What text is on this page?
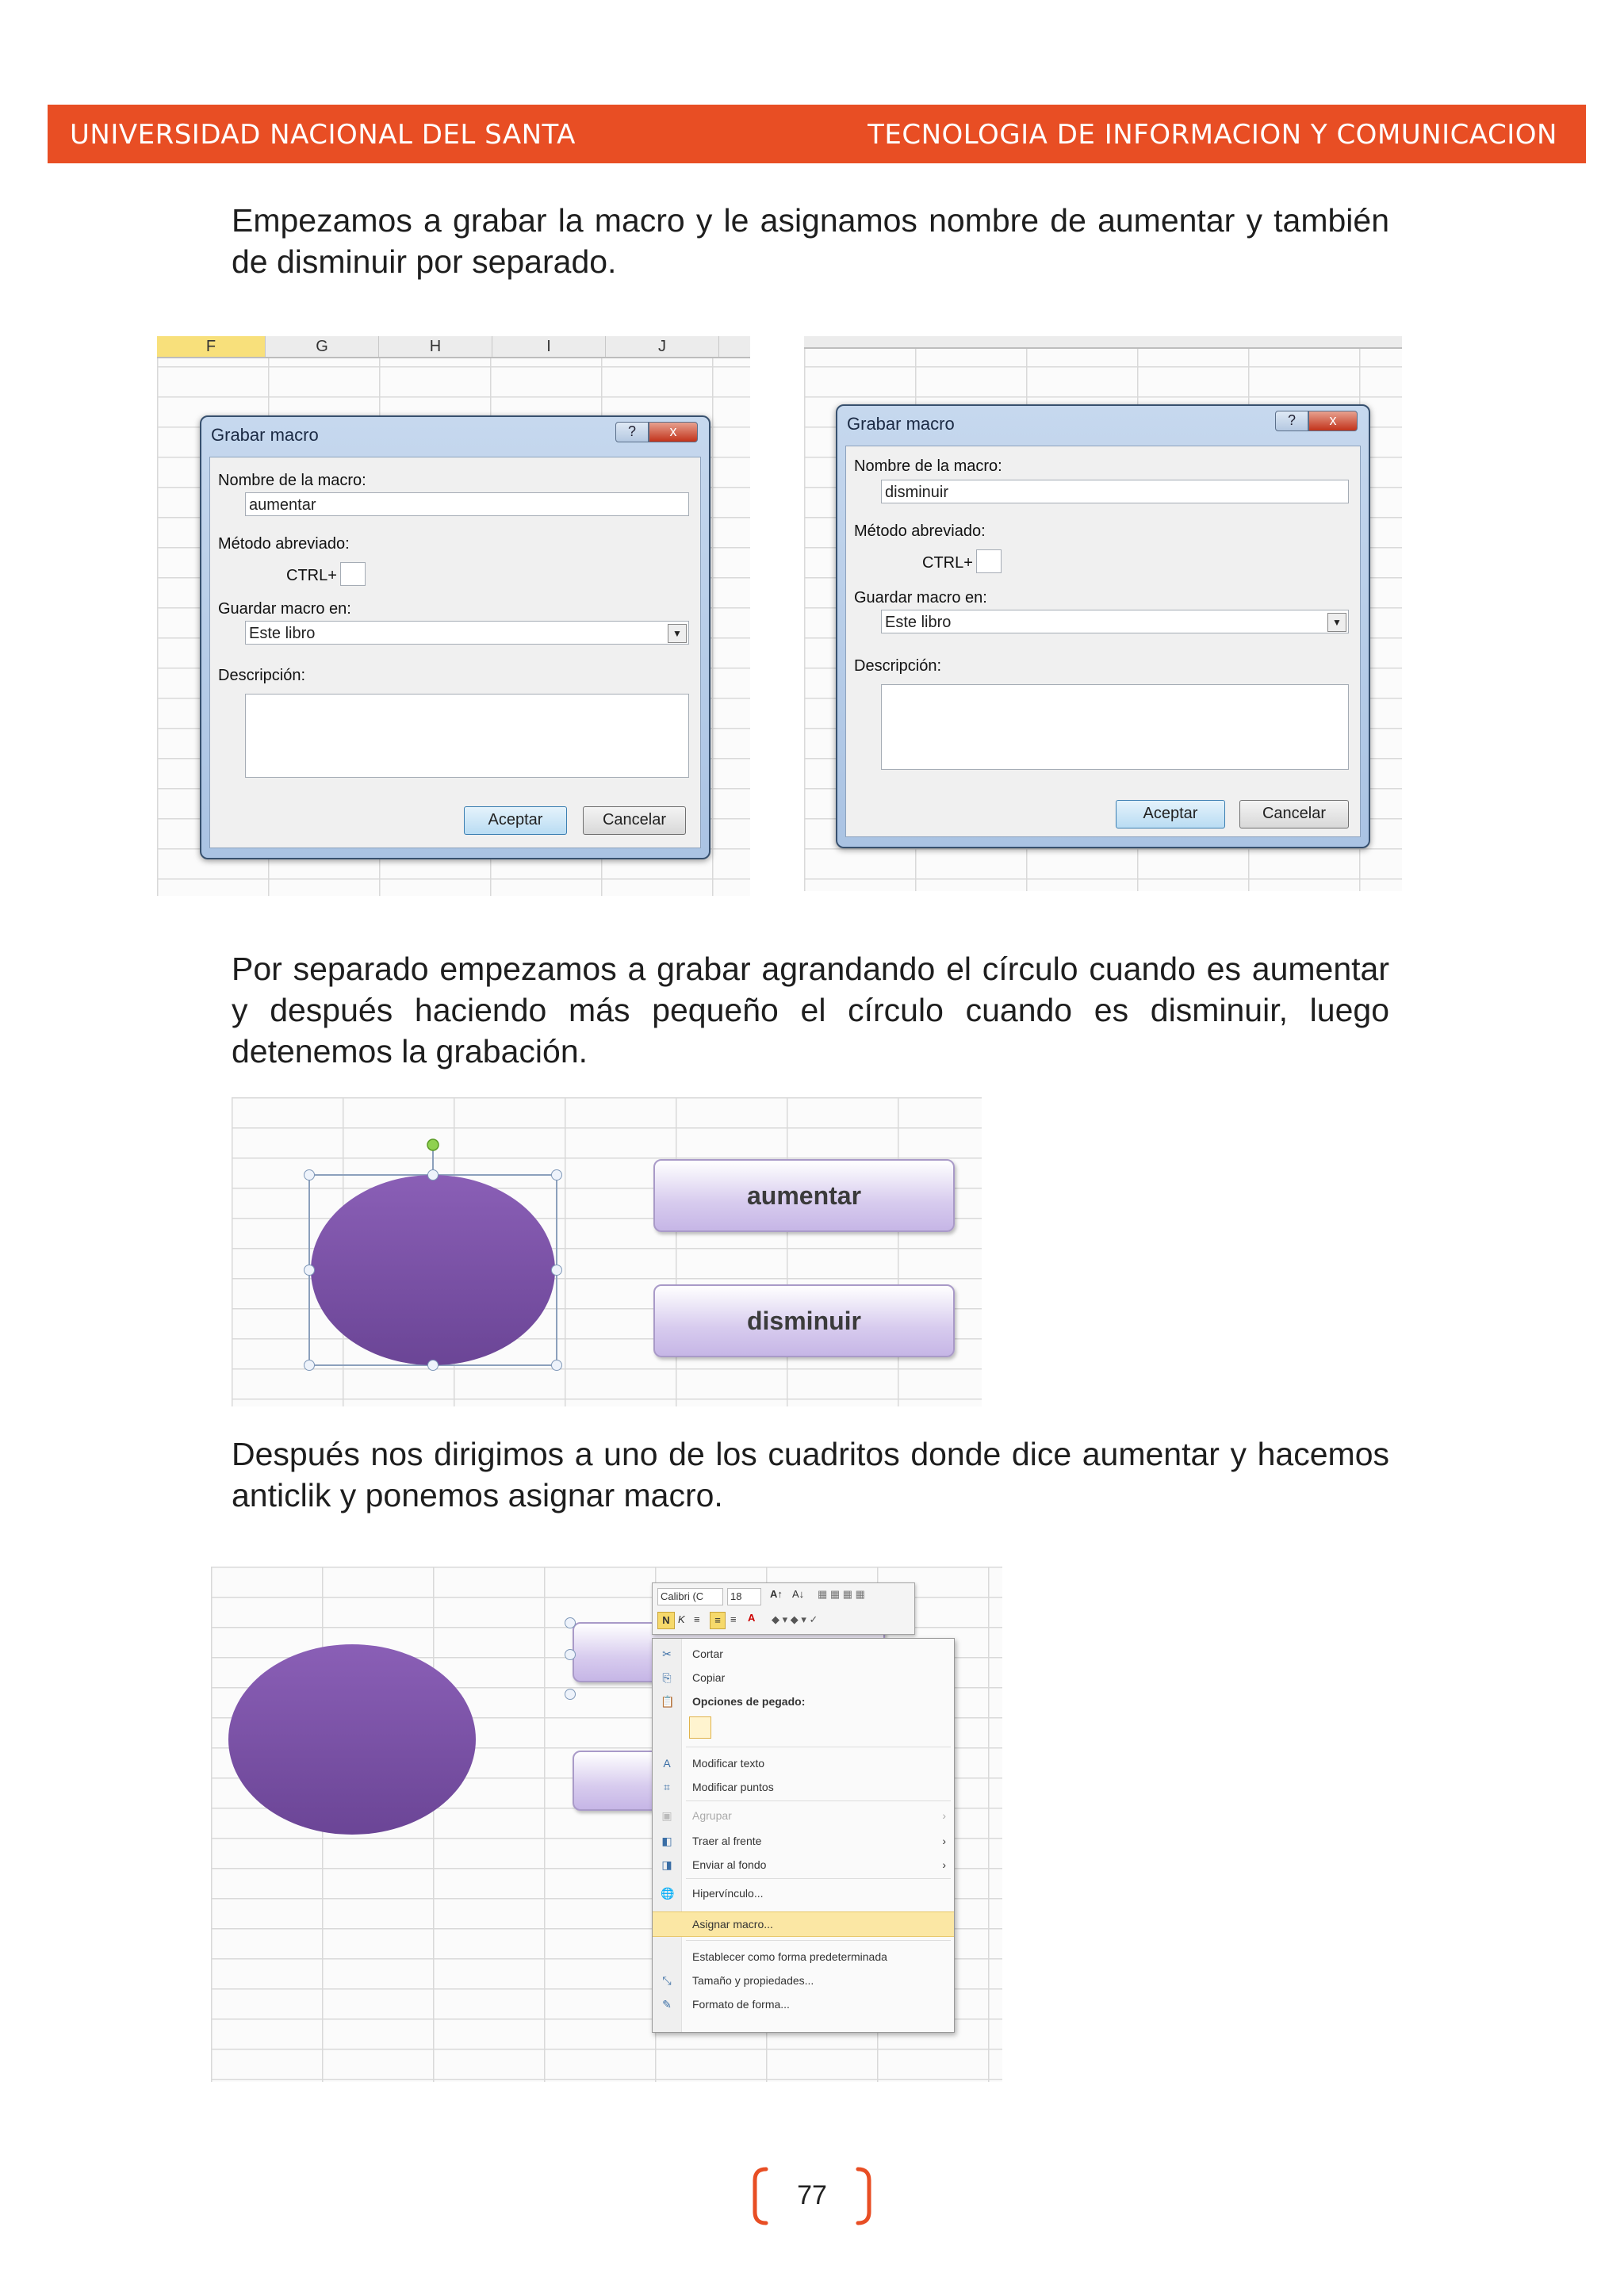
UNIVERSIDAD NACIONAL DEL SANTA	TECNOLOGIA DE INFORMACION Y COMUNICACION
Empezamos a grabar la macro y le asignamos nombre de aumentar y también de disminuir por separado.
F	G	H	I	J
Grabar macro	?	x
Nombre de la macro:
aumentar
Método abreviado:
CTRL+
Guardar macro en:
Este libro	▼
Descripción:
Aceptar	Cancelar
Grabar macro	?	x
Nombre de la macro:
disminuir
Método abreviado:
CTRL+
Guardar macro en:
Este libro	▼
Descripción:
Aceptar	Cancelar
Por separado empezamos a grabar agrandando el círculo cuando es aumentar y después haciendo más pequeño el círculo cuando es disminuir, luego detenemos la grabación.
aumentar
disminuir
Después nos dirigimos a uno de los cuadritos donde dice aumentar y hacemos anticlik y ponemos asignar macro.
Calibri (C	18	A↑ A↓ ▦ ▦ ▦ ▦
N K ≡	≡ ≡ A ◆ ▾ ◆ ▾ ✓
✂ Cortar
⎘ Copiar
📋 Opciones de pegado:
A Modificar texto
⌗ Modificar puntos
▣ Agrupar	›
◧ Traer al frente	›
◨ Enviar al fondo	›
🌐 Hipervínculo...
Asignar macro...
Establecer como forma predeterminada
⤡ Tamaño y propiedades...
✎ Formato de forma...
77
